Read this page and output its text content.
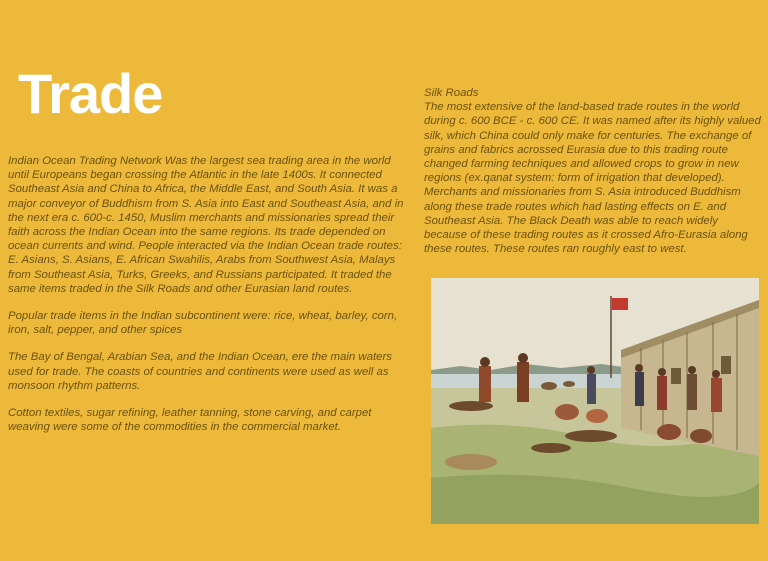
Trade

Indian Ocean Trading Network Was the largest sea trading area in the world until Europeans began crossing the Atlantic in the late 1400s. It connected Southeast Asia and China to Africa, the Middle East, and South Asia. It was a major conveyor of Buddhism from S. Asia into East and Southeast Asia, and in the next era c. 600-c. 1450, Muslim merchants and missionaries spread their faith across the Indian Ocean into the same regions. Its trade depended on ocean currents and wind. People interacted via the Indian Ocean trade routes: E. Asians, S. Asians, E. African Swahilis, Arabs from Southwest Asia, Malays from Southeast Asia, Turks, Greeks, and Russians participated. It traded the same items traded in the Silk Roads and other Eurasian land routes.

Popular trade items in the Indian subcontinent were: rice, wheat, barley, corn, iron, salt, pepper, and other spices

The Bay of Bengal, Arabian Sea, and the Indian Ocean, ere the main waters used for trade. The coasts of countries and continents were used as well as monsoon rhythm patterns.

Cotton textiles, sugar refining, leather tanning, stone carving, and carpet weaving were some of the commodities in the commercial market.

Silk Roads

The most extensive of the land-based trade routes in the world during c. 600 BCE - c. 600 CE. It was named after its highly valued silk, which China could only make for centuries. The exchange of grains and fabrics acrossed Eurasia due to this trading route changed farming techniques and allowed crops to grow in new regions (ex.qanat system: form of irrigation that developed). Merchants and missionaries from S. Asia introduced Buddhism along these trade routes which had lasting effects on E. and Southeast Asia. The Black Death was able to reach widely because of these trading routes as it crossed Afro-Eurasia along these routes. These routes ran roughly east to west.
